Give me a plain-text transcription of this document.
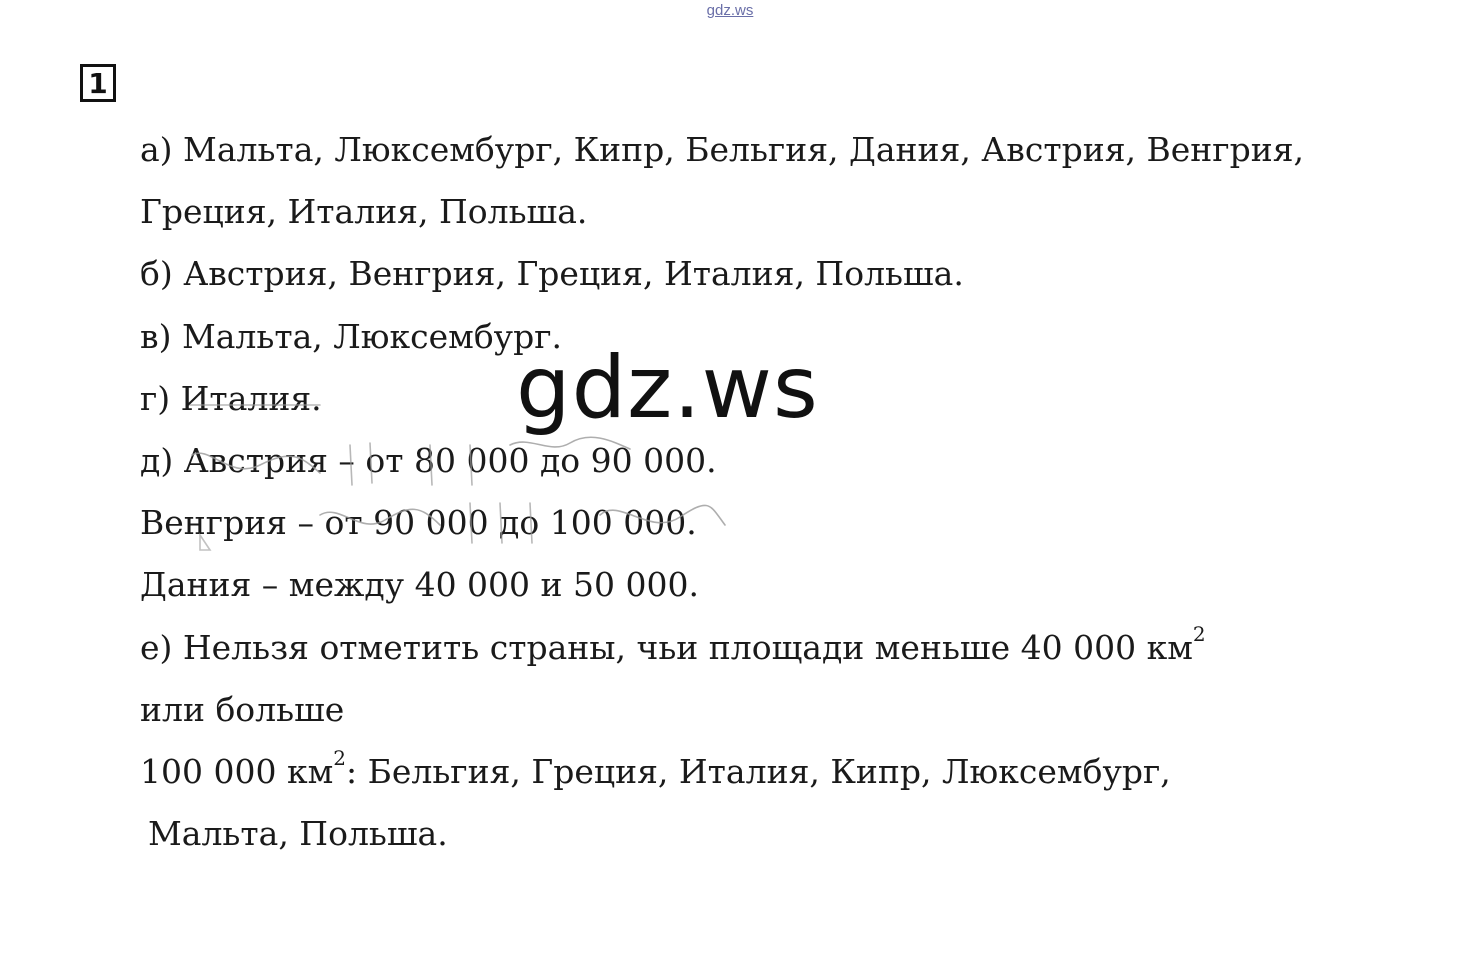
gdz.ws
1
а) Мальта, Люксембург, Кипр, Бельгия, Дания, Австрия, Венгрия,
Греция, Италия, Польша.
б) Австрия, Венгрия, Греция, Италия, Польша.
в) Мальта, Люксембург.
г) Италия.
д) Австрия – от 80 000 до 90 000.
Венгрия – от 90 000 до 100 000.
Дания – между 40 000 и 50 000.
е) Нельзя отметить страны, чьи площади меньше 40 000 $км^2$
или больше
100 000 $км^2$: Бельгия, Греция, Италия, Кипр, Люксембург,
Мальта, Польша.
gdz.ws
